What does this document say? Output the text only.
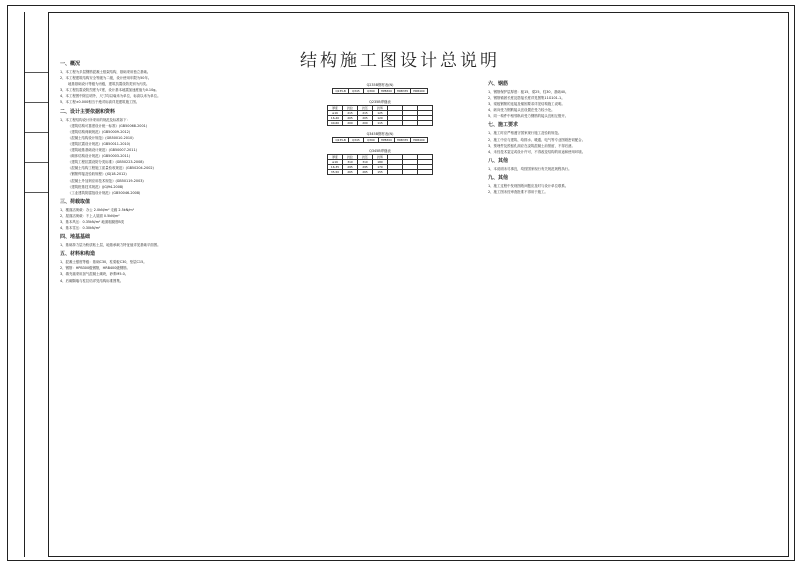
结构施工图设计总说明
一、概况
1、本工程为多层钢筋混凝土框架结构，基础采用独立基础。
2、本工程建筑结构安全等级为二级，设计使用年限为50年。
地基基础设计等级为丙级，建筑抗震设防类别为丙类。
3、本工程抗震设防烈度为7度，设计基本地震加速度值为0.10g。
4、本工程图中除注明外，尺寸均以毫米为单位，标高以米为单位。
5、本工程±0.000相当于绝对标高详见建筑施工图。
二、设计主要依据和资料
1、本工程结构设计所采用的规范及标准如下：
《建筑结构可靠度设计统一标准》(GB50068-2001)
《建筑结构荷载规范》(GB50009-2012)
《混凝土结构设计规范》(GB50010-2010)
《建筑抗震设计规范》(GB50011-2010)
《建筑地基基础设计规范》(GB50007-2011)
《砌体结构设计规范》(GB50003-2011)
《建筑工程抗震设防分类标准》(GB50223-2008)
《混凝土结构工程施工质量验收规范》(GB50204-2002)
《钢筋焊接及验收规程》(JGJ18-2012)
《混凝土外加剂应用技术规范》(GB50119-2003)
《建筑桩基技术规范》(JGJ94-2008)
《工业建筑防腐蚀设计规范》(GB50046-2008)
三、荷载取值
1、楼面活荷载：办公 2.0kN/m² 走廊 2.5kN/m²
2、屋面活荷载：不上人屋面 0.5kN/m²
3、基本风压：0.35kN/m² 地面粗糙度B类
4、基本雪压：0.30kN/m²
四、地基基础
1、基础持力层为粉质粘土层，地基承载力特征值详见基础平面图。
五、材料和构造
1、混凝土强度等级：基础C30，柱梁板C30，垫层C15。
2、钢筋：HPB300级钢筋，HRB400级钢筋。
3、填充墙采用加气混凝土砌块，砂浆M5.0。
4、后砌隔墙与柱拉结详见结构标准图集。
Q235B钢材表(N)
Q235-B	Q345	Q390	HPB300	HRB335	HRB400
Q235B焊缝表
厚度	抗拉	抗压	抗剪			
≤16	215	215	125			
16-40	205	205	120			
40-60	200	200	115			
Q345B钢材表(N)
Q235-B	Q345	Q390	HPB300	HRB335	HRB400
Q345B焊缝表
厚度	抗拉	抗压	抗剪			
≤16	310	310	180			
16-35	295	295	170			
35-50	265	265	155			
六、钢筋
1、钢筋保护层厚度：板15，梁25，柱30，基础40。
2、钢筋锚固长度及搭接长度详见图集11G101-1。
3、梁板钢筋的连接及锚固要求详见结构施工说明。
4、纵向受力钢筋接头宜设置在受力较小处。
5、同一构件中相邻纵向受力钢筋的接头宜相互错开。
七、施工要求
1、施工时应严格遵守国家现行施工及验收规范。
2、施工中应与建筑、给排水、暖通、电气等专业图纸密切配合。
3、预埋件及预留孔洞应在浇筑混凝土前预留，不得后凿。
4、未经技术鉴定或设计许可，不得改变结构的用途和使用环境。
八、其他
1、本说明未尽事宜，均按国家现行有关规范规程执行。
九、其他
1、施工过程中发现图纸问题应及时与设计单位联系。
2、施工图未经审查批准不得用于施工。
